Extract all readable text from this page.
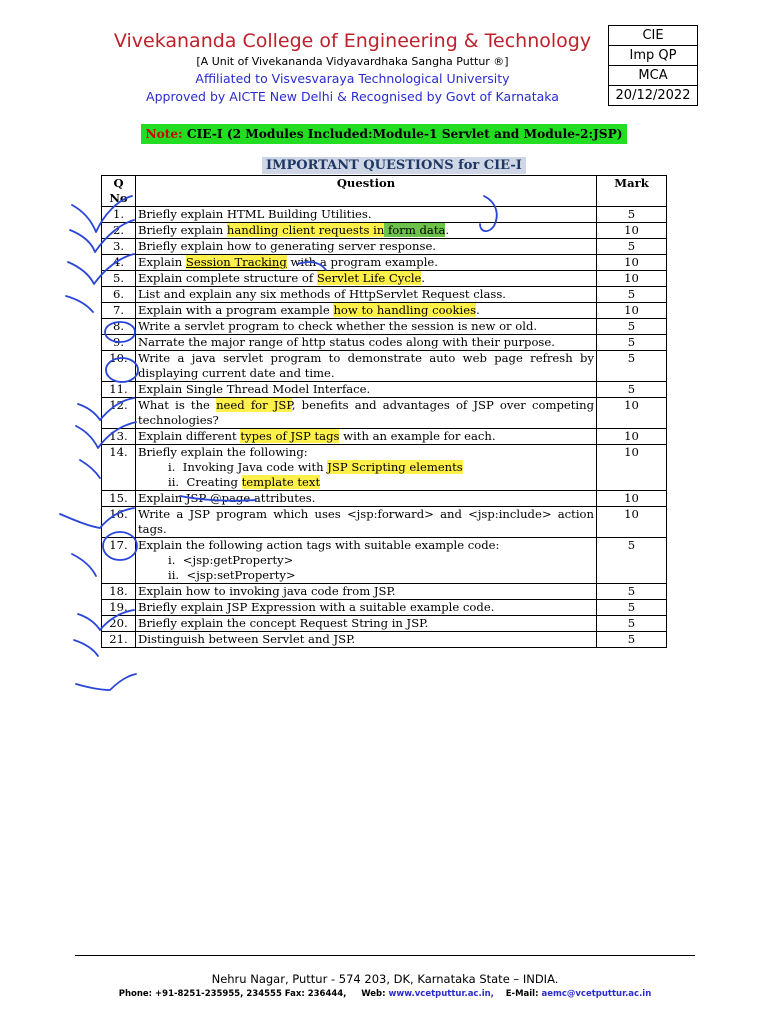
Vivekananda College of Engineering & Technology
[A Unit of Vivekananda Vidyavardhaka Sangha Puttur ®]
Affiliated to Visvesvaraya Technological University
Approved by AICTE New Delhi & Recognised by Govt of Karnataka
CIE
Imp QP
MCA
20/12/2022
Note: CIE-I (2 Modules Included:Module-1 Servlet and Module-2:JSP)
IMPORTANT QUESTIONS for CIE-I
Q No	Question	Mark
1.	Briefly explain HTML Building Utilities.	5
2.	Briefly explain handling client requests in form data.	10
3.	Briefly explain how to generating server response.	5
4.	Explain Session Tracking with a program example.	10
5.	Explain complete structure of Servlet Life Cycle.	10
6.	List and explain any six methods of HttpServlet Request class.	5
7.	Explain with a program example how to handling cookies.	10
8.	Write a servlet program to check whether the session is new or old.	5
9.	Narrate the major range of http status codes along with their purpose.	5
10.	Write a java servlet program to demonstrate auto web page refresh by displaying current date and time.	5
11.	Explain Single Thread Model Interface.	5
12.	What is the need for JSP, benefits and advantages of JSP over competing technologies?	10
13.	Explain different types of JSP tags with an example for each.	10
14.	Briefly explain the following:
i. Invoking Java code with JSP Scripting elements
ii. Creating template text	10
15.	Explain JSP @page attributes.	10
16.	Write a JSP program which uses <jsp:forward> and <jsp:include> action tags.	10
17.	Explain the following action tags with suitable example code:
i. <jsp:getProperty>
ii. <jsp:setProperty>	5
18.	Explain how to invoking java code from JSP.	5
19.	Briefly explain JSP Expression with a suitable example code.	5
20.	Briefly explain the concept Request String in JSP.	5
21.	Distinguish between Servlet and JSP.	5
Nehru Nagar, Puttur - 574 203, DK, Karnataka State – INDIA.
Phone: +91-8251-235955, 234555 Fax: 236444, Web: www.vcetputtur.ac.in, E-Mail: aemc@vcetputtur.ac.in
